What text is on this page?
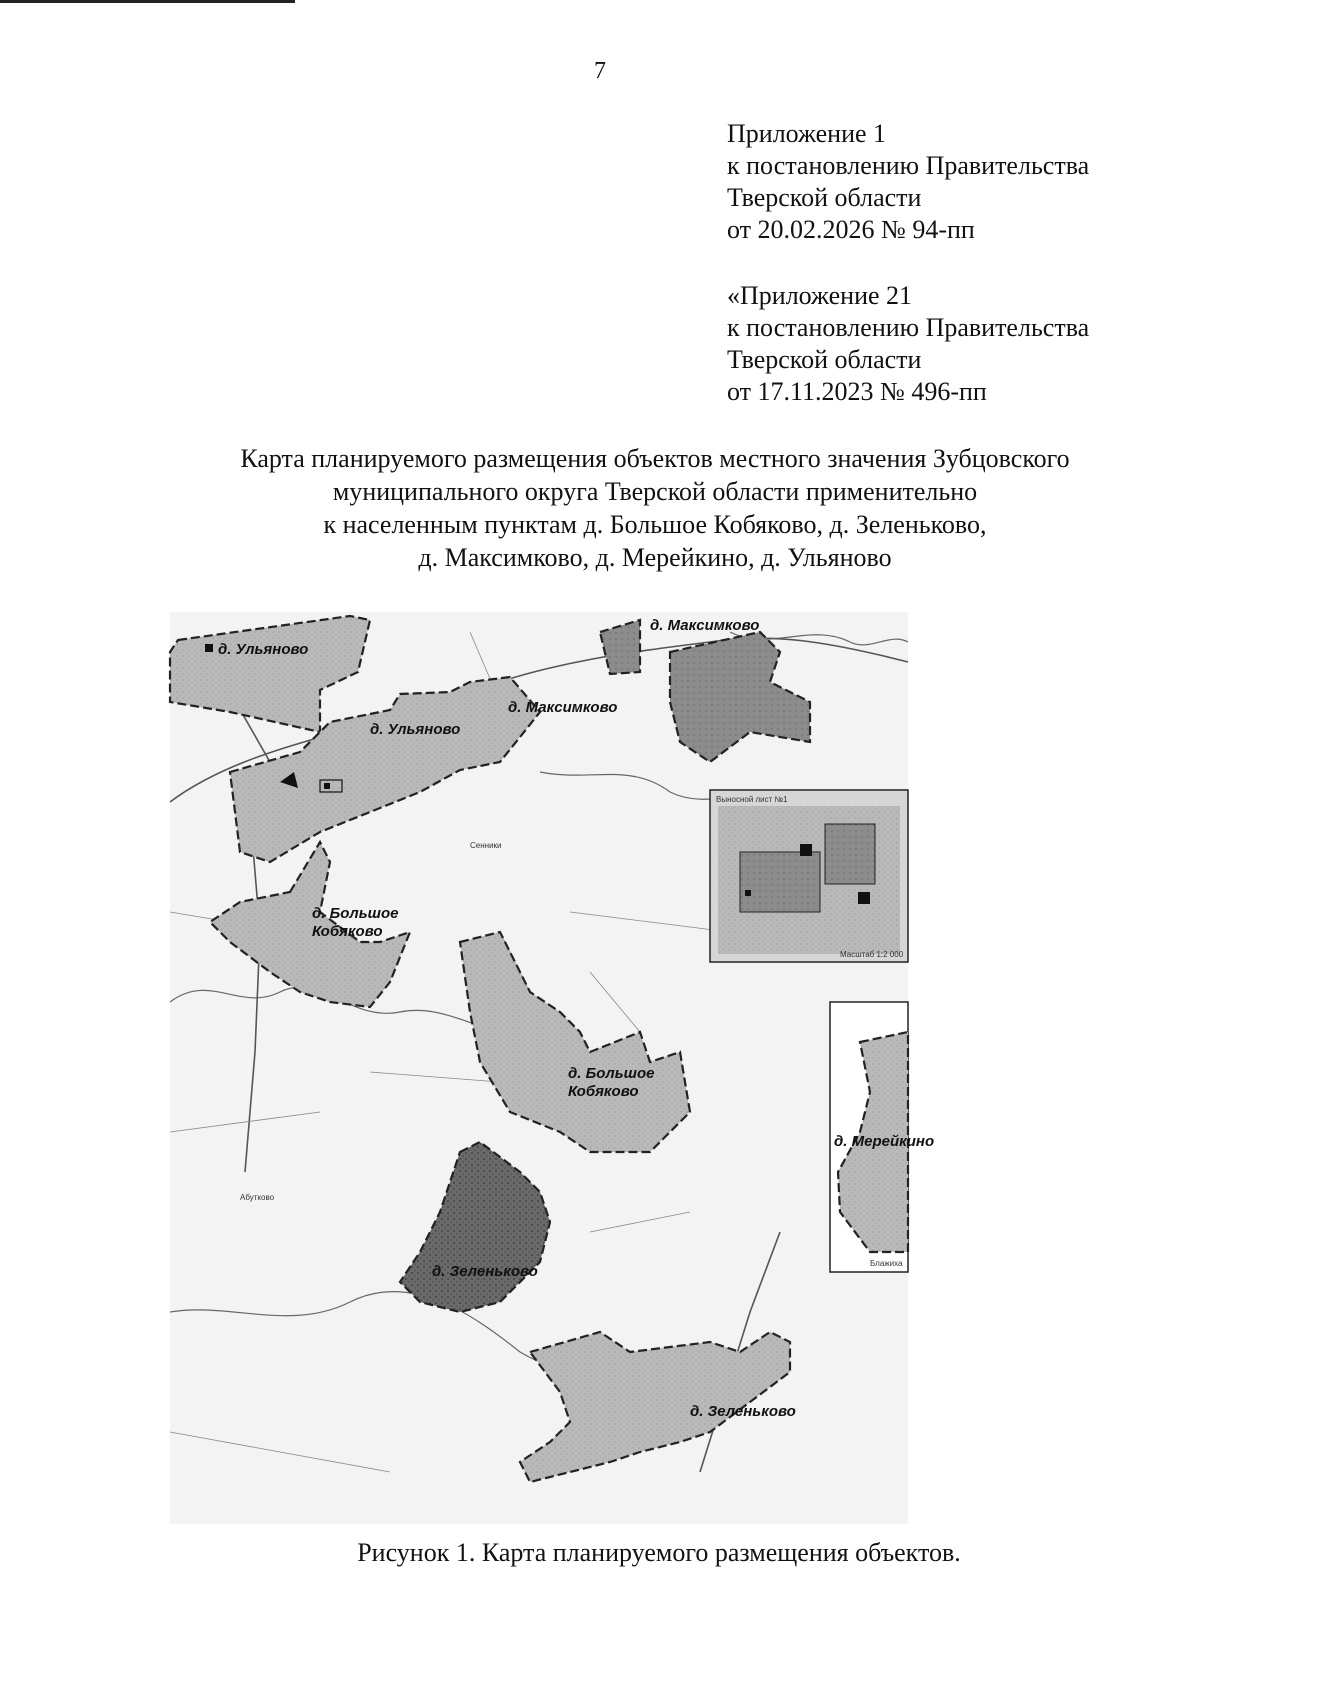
7
Приложение 1
к постановлению Правительства
Тверской области
от 20.02.2026 № 94-пп
«Приложение 21
к постановлению Правительства
Тверской области
от 17.11.2023 № 496-пп
Карта планируемого размещения объектов местного значения Зубцовского
муниципального округа Тверской области применительно
к населенным пунктам д. Большое Кобяково, д. Зеленьково,
д. Максимково, д. Мерейкино, д. Ульяново
Выносной лист №1
Масштаб 1:2 000
д. Ульяново
д. Максимково
д. Ульяново
д. Максимково
д. Большое
Кобяково
д. Большое
Кобяково
д. Зеленьково
д. Зеленьково
д. Мерейкино
Сенники
Абутково
Блажиха
Рисунок 1. Карта планируемого размещения объектов.
